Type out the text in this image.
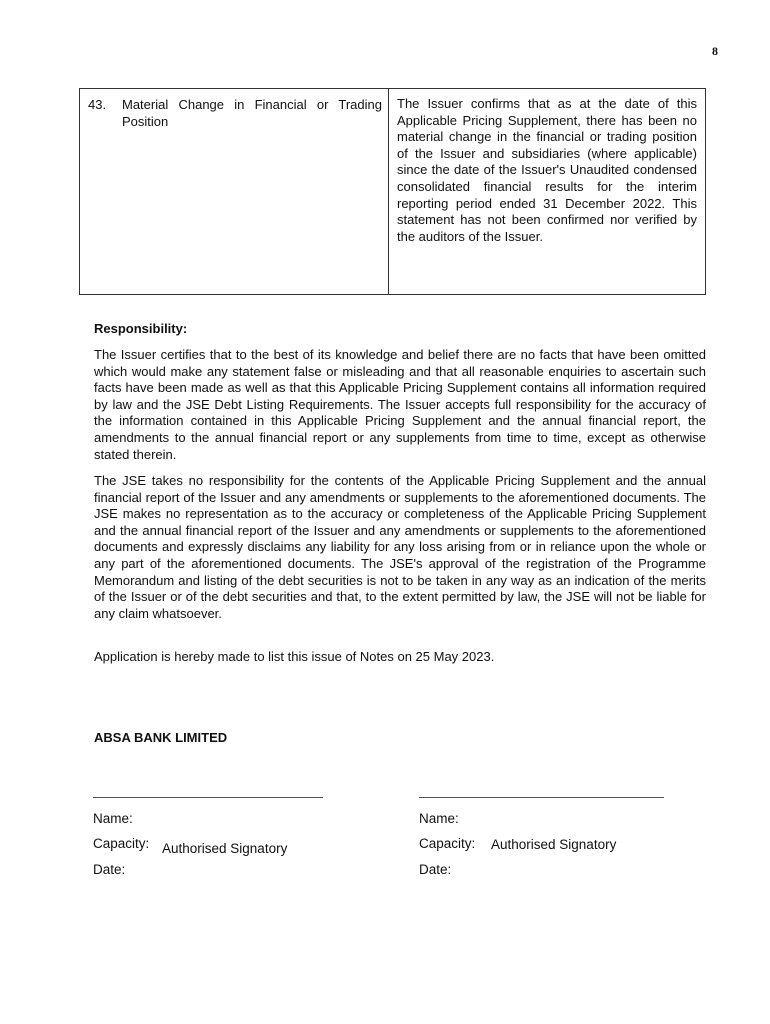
8
43.	Material Change in Financial or Trading Position
The Issuer confirms that as at the date of this Applicable Pricing Supplement, there has been no material change in the financial or trading position of the Issuer and subsidiaries (where applicable) since the date of the Issuer's Unaudited condensed consolidated financial results for the interim reporting period ended 31 December 2022. This statement has not been confirmed nor verified by the auditors of the Issuer.
Responsibility:

The Issuer certifies that to the best of its knowledge and belief there are no facts that have been omitted which would make any statement false or misleading and that all reasonable enquiries to ascertain such facts have been made as well as that this Applicable Pricing Supplement contains all information required by law and the JSE Debt Listing Requirements. The Issuer accepts full responsibility for the accuracy of the information contained in this Applicable Pricing Supplement and the annual financial report, the amendments to the annual financial report or any supplements from time to time, except as otherwise stated therein.

The JSE takes no responsibility for the contents of the Applicable Pricing Supplement and the annual financial report of the Issuer and any amendments or supplements to the aforementioned documents. The JSE makes no representation as to the accuracy or completeness of the Applicable Pricing Supplement and the annual financial report of the Issuer and any amendments or supplements to the aforementioned documents and expressly disclaims any liability for any loss arising from or in reliance upon the whole or any part of the aforementioned documents. The JSE's approval of the registration of the Programme Memorandum and listing of the debt securities is not to be taken in any way as an indication of the merits of the Issuer or of the debt securities and that, to the extent permitted by law, the JSE will not be liable for any claim whatsoever.

Application is hereby made to list this issue of Notes on 25 May 2023.

ABSA BANK LIMITED
Name:
Capacity: Authorised Signatory
Date:
Name:
Capacity: Authorised Signatory
Date:
